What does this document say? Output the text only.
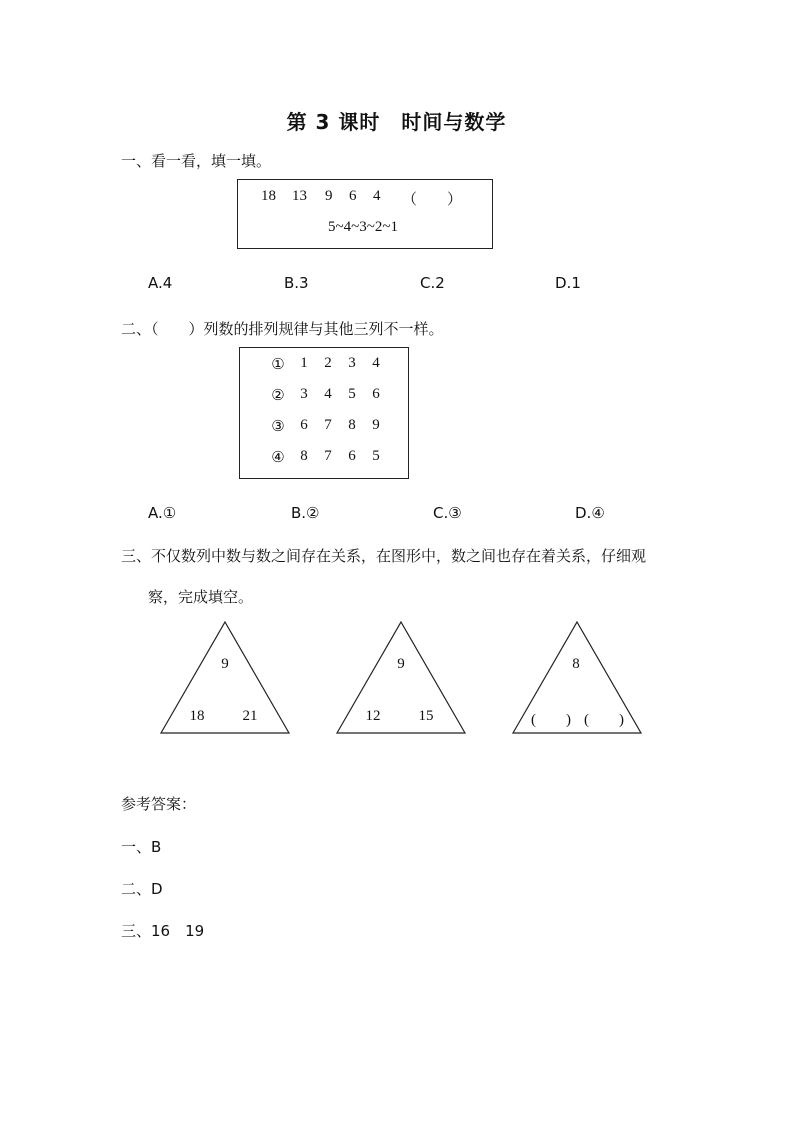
第 3 课时　时间与数学
一、看一看，填一填。
18 13 9 6 4 （　　）
5~4~3~2~1
A.4	B.3	C.2	D.1
二、（　　）列数的排列规律与其他三列不一样。
① 1 2 3 4
② 3 4 5 6
③ 6 7 8 9
④ 8 7 6 5
A.①	B.②	C.③	D.④
三、不仅数列中数与数之间存在关系，在图形中，数之间也存在着关系，仔细观
察，完成填空。
9
18	21
9
12	15
8
(　　) (　　)
参考答案：
一、B
二、D
三、16　19
